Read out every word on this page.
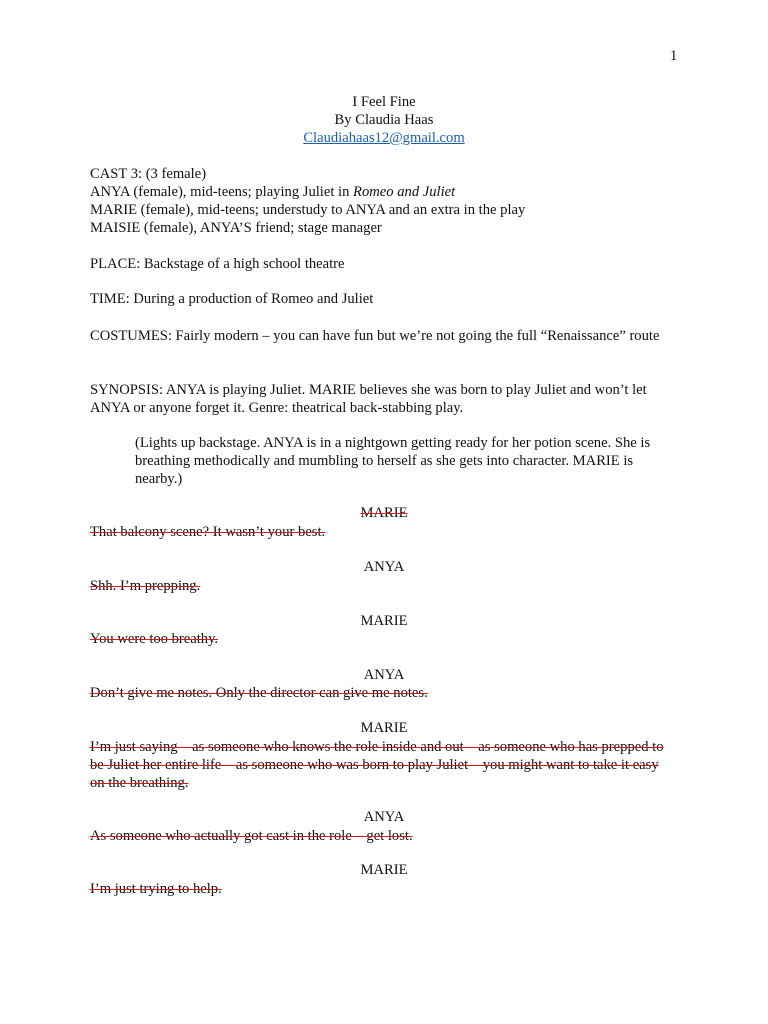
1
I Feel Fine
By Claudia Haas
Claudiahaas12@gmail.com
CAST 3: (3 female)
ANYA (female), mid-teens; playing Juliet in Romeo and Juliet
MARIE (female), mid-teens; understudy to ANYA and an extra in the play
MAISIE (female), ANYA’S friend; stage manager
PLACE: Backstage of a high school theatre
TIME: During a production of Romeo and Juliet
COSTUMES: Fairly modern – you can have fun but we’re not going the full “Renaissance” route
SYNOPSIS: ANYA is playing Juliet. MARIE believes she was born to play Juliet and won’t let ANYA or anyone forget it. Genre: theatrical back-stabbing play.
(Lights up backstage. ANYA is in a nightgown getting ready for her potion scene. She is breathing methodically and mumbling to herself as she gets into character. MARIE is nearby.)
MARIE
That balcony scene? It wasn’t your best.
ANYA
Shh. I’m prepping.
MARIE
You were too breathy.
ANYA
Don’t give me notes. Only the director can give me notes.
MARIE
I’m just saying – as someone who knows the role inside and out – as someone who has prepped to be Juliet her entire life – as someone who was born to play Juliet – you might want to take it easy on the breathing.
ANYA
As someone who actually got cast in the role – get lost.
MARIE
I’m just trying to help.
